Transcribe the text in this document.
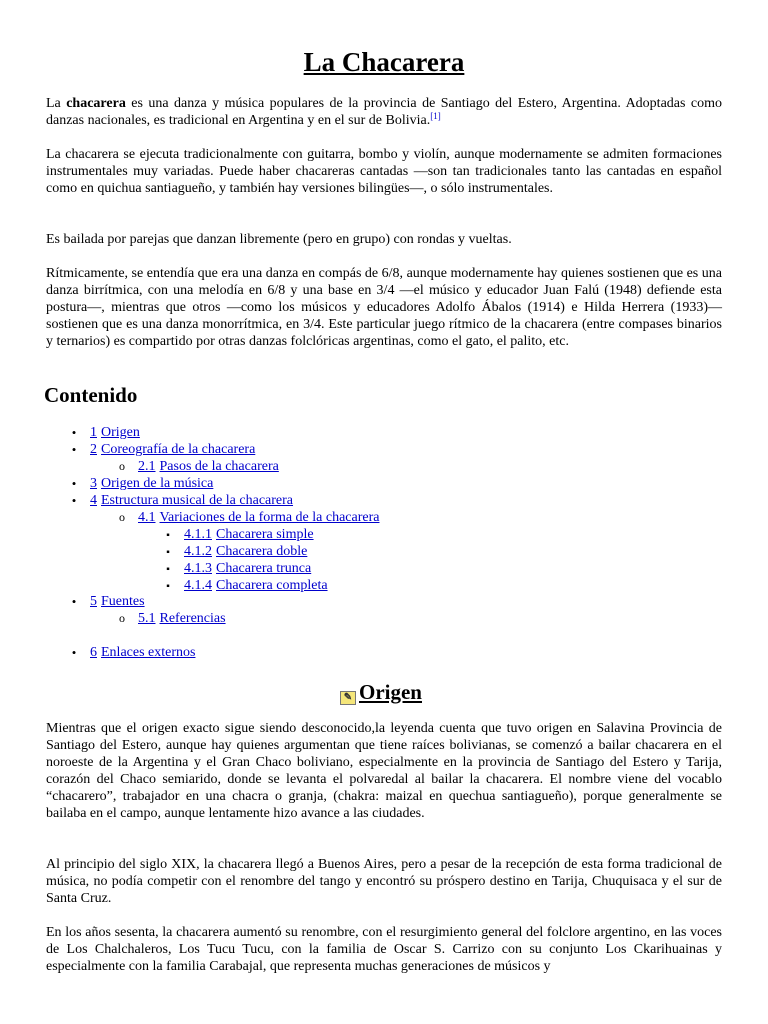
La Chacarera

La chacarera es una danza y música populares de la provincia de Santiago del Estero, Argentina. Adoptadas como danzas nacionales, es tradicional en Argentina y en el sur de Bolivia.[1]

La chacarera se ejecuta tradicionalmente con guitarra, bombo y violín, aunque modernamente se admiten formaciones instrumentales muy variadas. Puede haber chacareras cantadas —son tan tradicionales tanto las cantadas en español como en quichua santiagueño, y también hay versiones bilingües—, o sólo instrumentales.

Es bailada por parejas que danzan libremente (pero en grupo) con rondas y vueltas.

Rítmicamente, se entendía que era una danza en compás de 6/8, aunque modernamente hay quienes sostienen que es una danza birrítmica, con una melodía en 6/8 y una base en 3/4 —el músico y educador Juan Falú (1948) defiende esta postura—, mientras que otros —como los músicos y educadores Adolfo Ábalos (1914) e Hilda Herrera (1933)— sostienen que es una danza monorrítmica, en 3/4. Este particular juego rítmico de la chacarera (entre compases binarios y ternarios) es compartido por otras danzas folclóricas argentinas, como el gato, el palito, etc.

Contenido
•
1 Origen
•
2 Coreografía de la chacarera
o
2.1 Pasos de la chacarera
•
3 Origen de la música
•
4 Estructura musical de la chacarera
o
4.1 Variaciones de la forma de la chacarera
▪
4.1.1 Chacarera simple
▪
4.1.2 Chacarera doble
▪
4.1.3 Chacarera trunca
▪
4.1.4 Chacarera completa
•
5 Fuentes
o
5.1 Referencias
•
6 Enlaces externos
✎ Origen

Mientras que el origen exacto sigue siendo desconocido,la leyenda cuenta que tuvo origen en Salavina Provincia de Santiago del Estero, aunque hay quienes argumentan que tiene raíces bolivianas, se comenzó a bailar chacarera en el noroeste de la Argentina y el Gran Chaco boliviano, especialmente en la provincia de Santiago del Estero y Tarija, corazón del Chaco semiarido, donde se levanta el polvaredal al bailar la chacarera. El nombre viene del vocablo “chacarero”, trabajador en una chacra o granja, (chakra: maizal en quechua santiagueño), porque generalmente se bailaba en el campo, aunque lentamente hizo avance a las ciudades.

Al principio del siglo XIX, la chacarera llegó a Buenos Aires, pero a pesar de la recepción de esta forma tradicional de música, no podía competir con el renombre del tango y encontró su próspero destino en Tarija, Chuquisaca y el sur de Santa Cruz.

En los años sesenta, la chacarera aumentó su renombre, con el resurgimiento general del folclore argentino, en las voces de Los Chalchaleros, Los Tucu Tucu, con la familia de Oscar S. Carrizo con su conjunto Los Ckarihuainas y especialmente con la familia Carabajal, que representa muchas generaciones de músicos y
